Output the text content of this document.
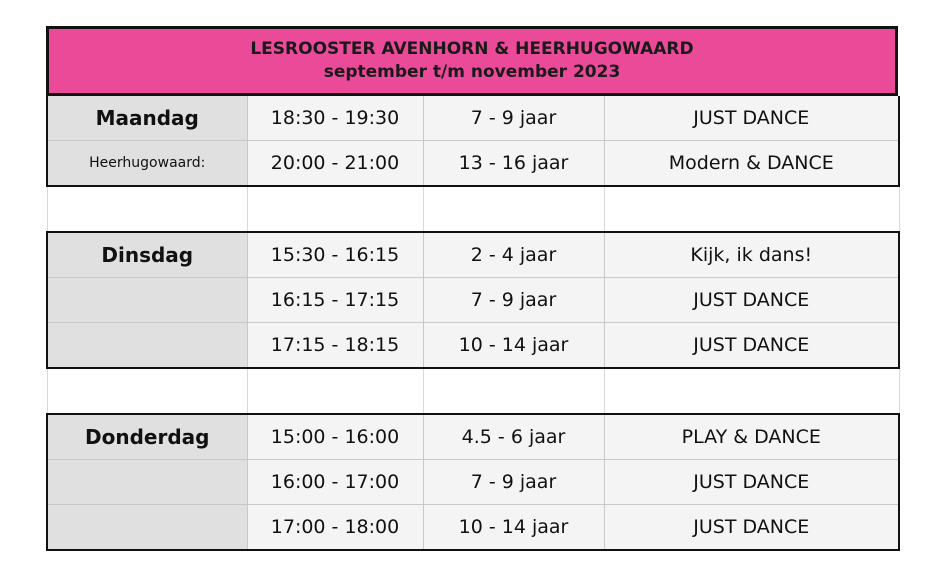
LESROOSTER AVENHORN & HEERHUGOWAARD
september t/m november 2023
Maandag	18:30 - 19:30	7 - 9 jaar	JUST DANCE
Heerhugowaard:	20:00 - 21:00	13 - 16 jaar	Modern & DANCE

Dinsdag	15:30 - 16:15	2 - 4 jaar	Kijk, ik dans!
	16:15 - 17:15	7 - 9 jaar	JUST DANCE
	17:15 - 18:15	10 - 14 jaar	JUST DANCE

Donderdag	15:00 - 16:00	4.5 - 6 jaar	PLAY & DANCE
	16:00 - 17:00	7 - 9 jaar	JUST DANCE
	17:00 - 18:00	10 - 14 jaar	JUST DANCE
